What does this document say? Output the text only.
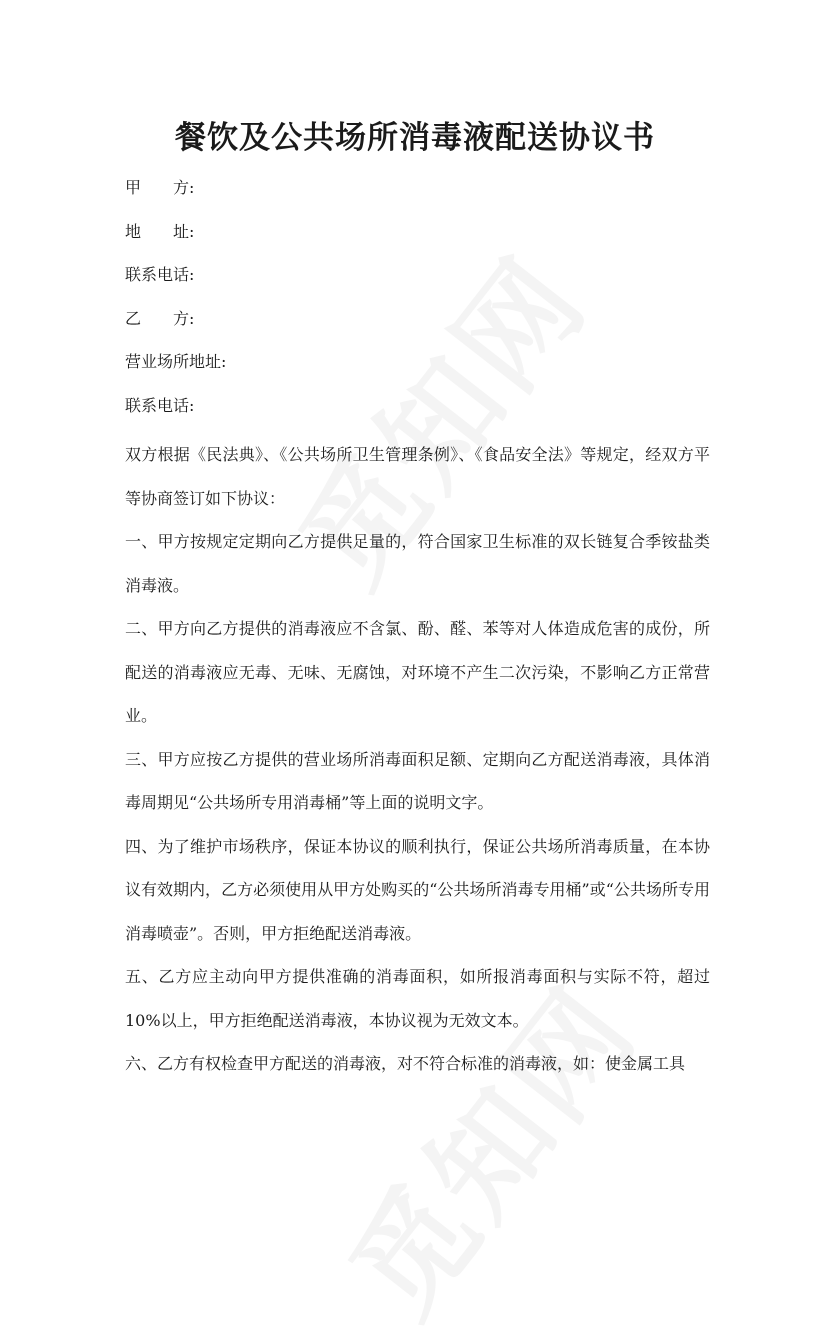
餐饮及公共场所消毒液配送协议书
甲　　方:
地　　址:
联系电话:
乙　　方:
营业场所地址:
联系电话:

双方根据《民法典》、《公共场所卫生管理条例》、《食品安全法》等规定，经双方平等协商签订如下协议：

一、甲方按规定定期向乙方提供足量的，符合国家卫生标准的双长链复合季铵盐类消毒液。

二、甲方向乙方提供的消毒液应不含氯、酚、醛、苯等对人体造成危害的成份，所配送的消毒液应无毒、无味、无腐蚀，对环境不产生二次污染，不影响乙方正常营业。

三、甲方应按乙方提供的营业场所消毒面积足额、定期向乙方配送消毒液，具体消毒周期见“公共场所专用消毒桶”等上面的说明文字。

四、为了维护市场秩序，保证本协议的顺利执行，保证公共场所消毒质量，在本协议有效期内，乙方必须使用从甲方处购买的“公共场所消毒专用桶”或“公共场所专用消毒喷壶”。否则，甲方拒绝配送消毒液。

五、乙方应主动向甲方提供准确的消毒面积，如所报消毒面积与实际不符，超过10%以上，甲方拒绝配送消毒液，本协议视为无效文本。

六、乙方有权检查甲方配送的消毒液，对不符合标准的消毒液，如：使金属工具
